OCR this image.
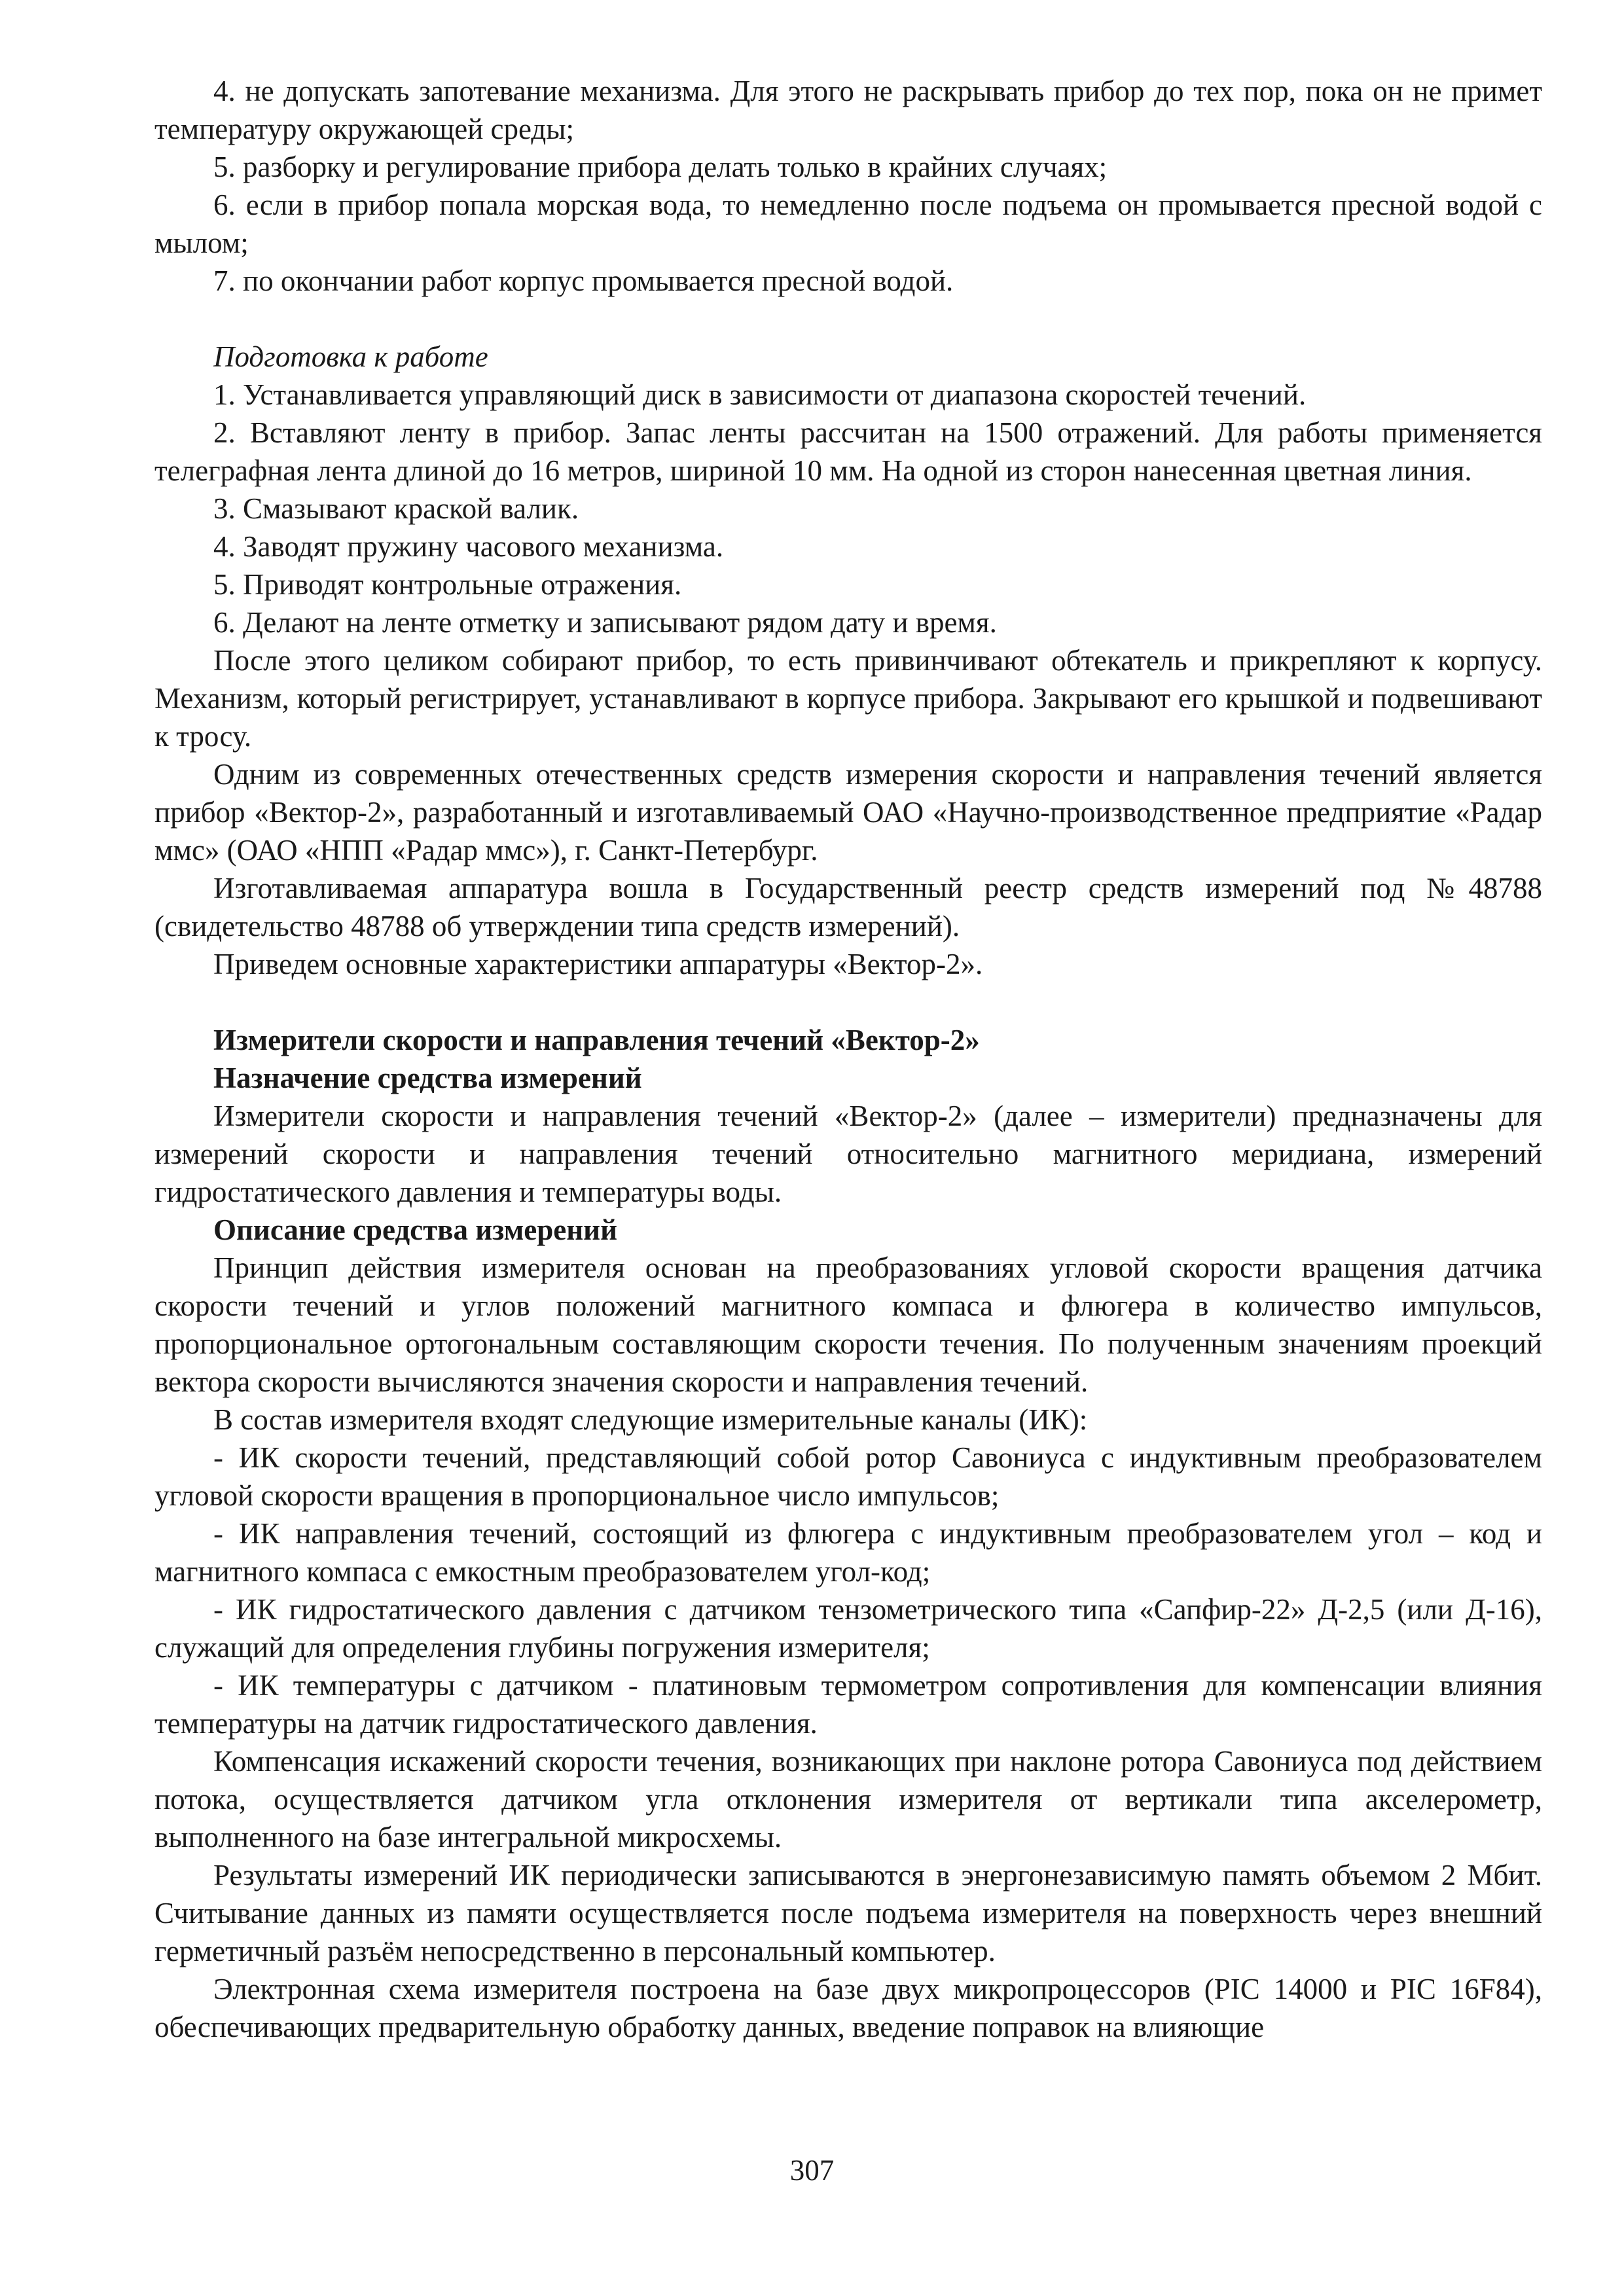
4. не допускать запотевание механизма. Для этого не раскрывать прибор до тех пор, пока он не примет температуру окружающей среды;

5. разборку и регулирование прибора делать только в крайних случаях;

6. если в прибор попала морская вода, то немедленно после подъема он промывается пресной водой с мылом;

7. по окончании работ корпус промывается пресной водой.

Подготовка к работе

1. Устанавливается управляющий диск в зависимости от диапазона скоростей течений.

2. Вставляют ленту в прибор. Запас ленты рассчитан на 1500 отражений. Для работы применяется телеграфная лента длиной до 16 метров, шириной 10 мм. На одной из сторон нанесенная цветная линия.

3. Смазывают краской валик.

4. Заводят пружину часового механизма.

5. Приводят контрольные отражения.

6. Делают на ленте отметку и записывают рядом дату и время.

После этого целиком собирают прибор, то есть привинчивают обтекатель и прикрепляют к корпусу. Механизм, который регистрирует, устанавливают в корпусе прибора. Закрывают его крышкой и подвешивают к тросу.

Одним из современных отечественных средств измерения скорости и направления течений является прибор «Вектор-2», разработанный и изготавливаемый ОАО «Научно-производственное предприятие «Радар ммс» (ОАО «НПП «Радар ммс»), г. Санкт-Петербург.

Изготавливаемая аппаратура вошла в Государственный реестр средств измерений под №48788 (свидетельство 48788 об утверждении типа средств измерений).

Приведем основные характеристики аппаратуры «Вектор-2».

Измерители скорости и направления течений «Вектор-2»

Назначение средства измерений

Измерители скорости и направления течений «Вектор-2» (далее – измерители) предназначены для измерений скорости и направления течений относительно магнитного меридиана, измерений гидростатического давления и температуры воды.

Описание средства измерений

Принцип действия измерителя основан на преобразованиях угловой скорости вращения датчика скорости течений и углов положений магнитного компаса и флюгера в количество импульсов, пропорциональное ортогональным составляющим скорости течения. По полученным значениям проекций вектора скорости вычисляются значения скорости и направления течений.

В состав измерителя входят следующие измерительные каналы (ИК):

- ИК скорости течений, представляющий собой ротор Савониуса с индуктивным преобразователем угловой скорости вращения в пропорциональное число импульсов;

- ИК направления течений, состоящий из флюгера с индуктивным преобразователем угол – код и магнитного компаса с емкостным преобразователем угол-код;

- ИК гидростатического давления с датчиком тензометрического типа «Сапфир-22» Д-2,5 (или Д-16), служащий для определения глубины погружения измерителя;

- ИК температуры с датчиком - платиновым термометром сопротивления для компенсации влияния температуры на датчик гидростатического давления.

Компенсация искажений скорости течения, возникающих при наклоне ротора Савониуса под действием потока, осуществляется датчиком угла отклонения измерителя от вертикали типа акселерометр, выполненного на базе интегральной микросхемы.

Результаты измерений ИК периодически записываются в энергонезависимую память объемом 2 Мбит. Считывание данных из памяти осуществляется после подъема измерителя на поверхность через внешний герметичный разъём непосредственно в персональный компьютер.

Электронная схема измерителя построена на базе двух микропроцессоров (PIC 14000 и PIC 16F84), обеспечивающих предварительную обработку данных, введение поправок на влияющие

307
